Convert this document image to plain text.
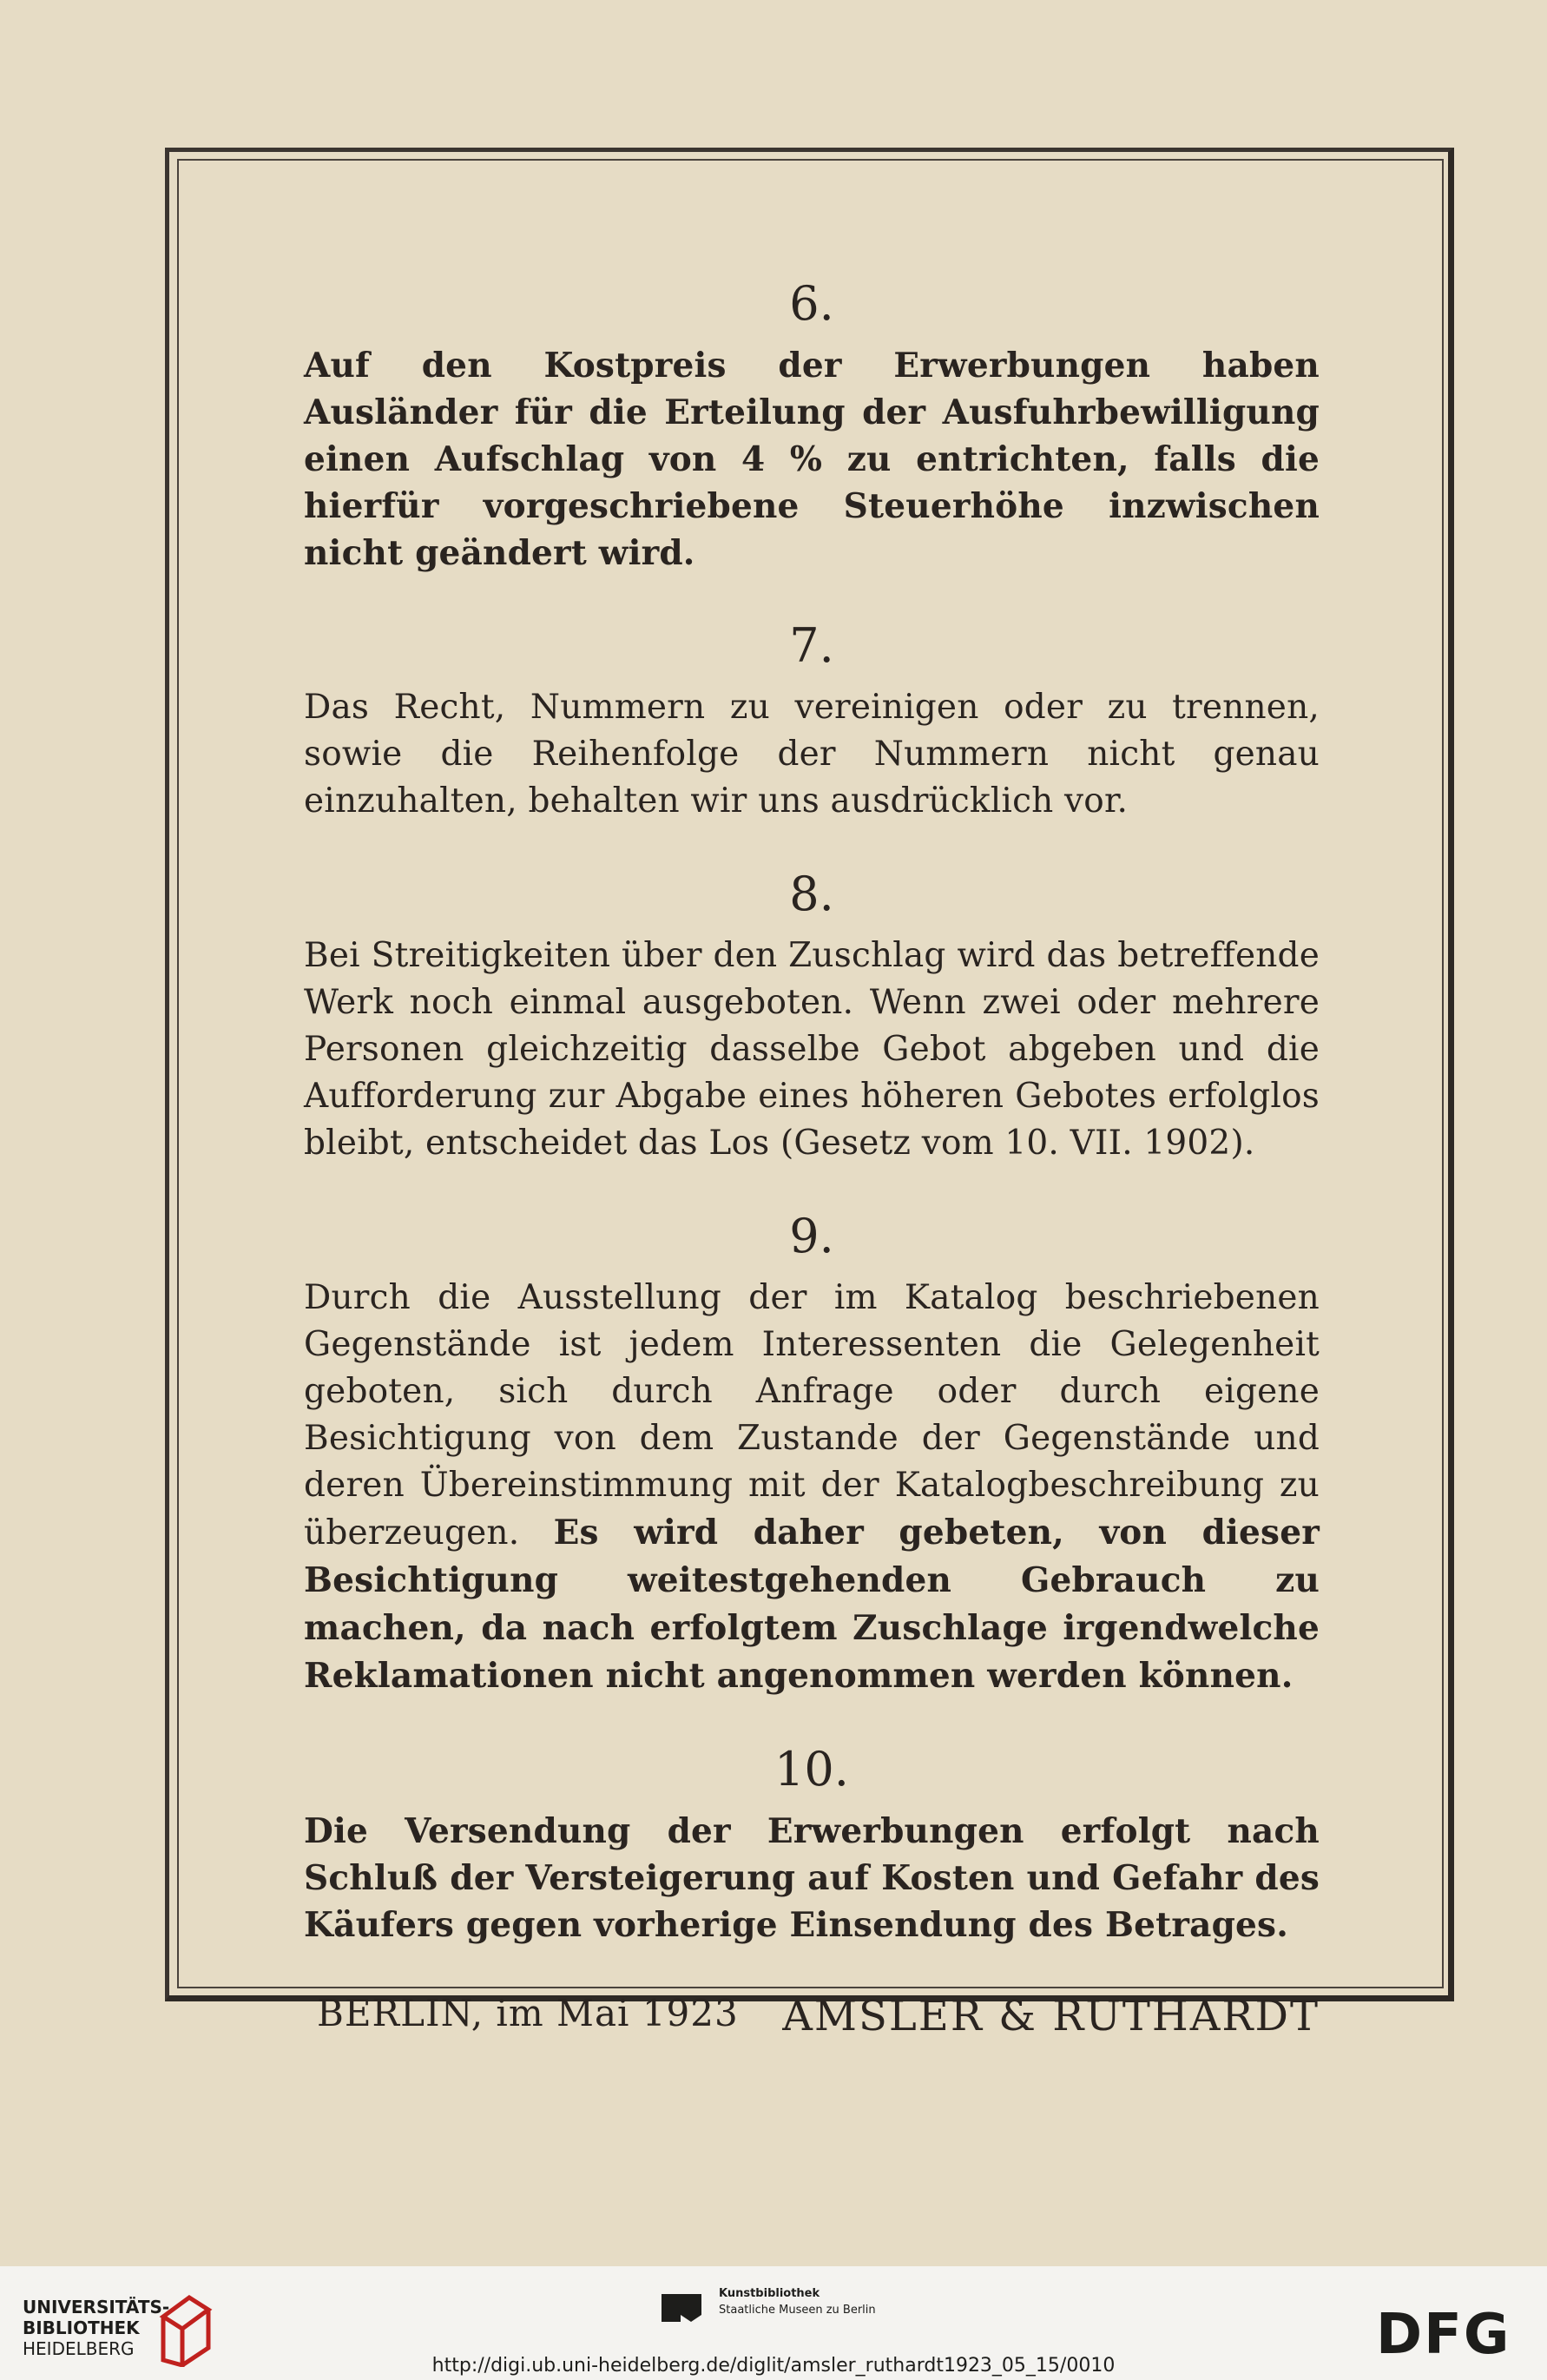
6.

Auf den Kostpreis der Erwerbungen haben Ausländer für die Erteilung der Ausfuhrbewilligung einen Aufschlag von 4 % zu entrichten, falls die hierfür vorgeschriebene Steuerhöhe inzwischen nicht geändert wird.

7.

Das Recht, Nummern zu vereinigen oder zu trennen, sowie die Reihenfolge der Nummern nicht genau einzuhalten, behalten wir uns ausdrücklich vor.

8.

Bei Streitigkeiten über den Zuschlag wird das betreffende Werk noch einmal ausgeboten. Wenn zwei oder mehrere Personen gleichzeitig dasselbe Gebot abgeben und die Aufforderung zur Abgabe eines höheren Gebotes erfolglos bleibt, entscheidet das Los (Gesetz vom 10. VII. 1902).

9.

Durch die Ausstellung der im Katalog beschriebenen Gegenstände ist jedem Interessenten die Gelegenheit geboten, sich durch Anfrage oder durch eigene Besichtigung von dem Zustande der Gegenstände und deren Übereinstimmung mit der Katalogbeschreibung zu überzeugen. Es wird daher gebeten, von dieser Besichtigung weitestgehenden Gebrauch zu machen, da nach erfolgtem Zuschlage irgendwelche Reklamationen nicht angenommen werden können.

10.

Die Versendung der Erwerbungen erfolgt nach Schluß der Versteigerung auf Kosten und Gefahr des Käufers gegen vorherige Einsendung des Betrages.

BERLIN, im Mai 1923 AMSLER & RUTHARDT
UNIVERSITÄTS-
BIBLIOTHEK
HEIDELBERG
Kunstbibliothek
Staatliche Museen zu Berlin	DFG
http://digi.ub.uni-heidelberg.de/diglit/amsler_ruthardt1923_05_15/0010
